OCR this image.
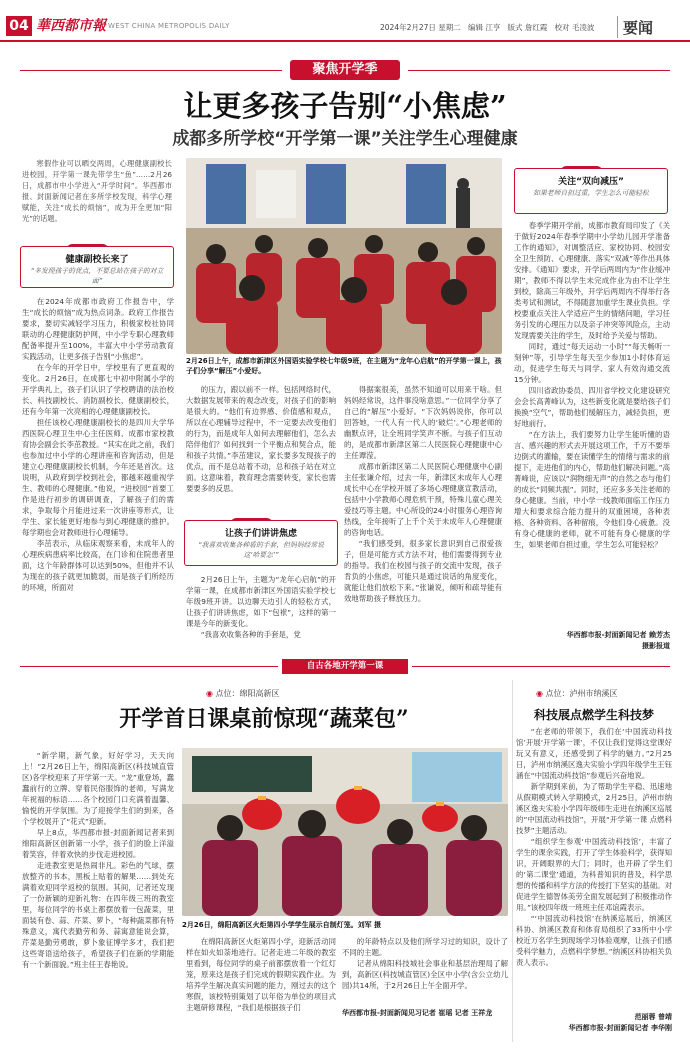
04 華西都市報 WEST CHINA METROPOLIS DAILY	2024年2月27日 星期二 编辑 江亨 版式 詹红霞 校对 毛凌波 要闻
聚焦开学季
让更多孩子告别“小焦虑”
成都多所学校“开学第一课”关注学生心理健康

寒假作业可以晒交两周，心理健康副校长进校园，开学第一课先带学生“鱼”……2月26日，成都市中小学进入“开学时间”。华西都市报、封面新闻记者在多所学校发现，科学心理赋能，关注“成长的烦恼”，成为开全更加“阳光”的话题。

健康副校长来了
“多发现孩子的优点，不要总站在孩子的对立面”

在2024年成都市政府工作报告中，学生“成长的烦恼”成为热点词条。政府工作报告要求，要切实减轻学习压力，积极家校社协同联动的心理健康防护网，中小学专职心理教师配备率提升至100%，丰富大中小学劳动教育实践活动，让更多孩子告别“小焦虑”。

在今年的开学日中，学校里有了更直观的变化。2月26日，在成都七中初中附属小学的开学典礼上，孩子们认识了学校聘请的法治校长、科技副校长、消防副校长、健康副校长，还有今年第一次亮相的心理健康副校长。

担任该校心理健康副校长的是四川大学华西医院心理卫生中心主任医师、成都市家校教育协会副会长李茁教授。“其实在此之前，我们也参加过中小学的心理讲座和咨询活动，但是建立心理健康副校长机制，今年还是首次。这说明，从政府到学校到社会，都越来越重视学生、教师的心理健康。”他说，“进校园”首要工作是进行初步的调研调查，了解孩子们的需求，争取每个月能进过来一次讲座等形式，让学生、家长能更好地参与到心理健康的推护。每学期也会对教师进行心理辅导。

李茁表示，从临床观察来看，未成年人的心理疾病患病率比较高，在门诊和住院患者里面，这个年龄群体可以达到50%，但他并不认为现在的孩子就更加脆弱，而是孩子们所经历的环境，所面对

2月26日上午，成都市新津区外国语实验学校七年级9班，在主题为“龙年心启航”的开学第一课上，孩子们分享“解压”小爱好。

的压力，跟以前不一样。包括网络时代，大数据发展带来的观念改变，对孩子们的影响是很大的。“他们有边界感、价值感和观点，所以在心理辅导过程中，不一定要去改变他们的行为，而是成年人如何去理解他们，怎么去陪伴他们？如何找到一个平衡点和契合点，能和孩子共情。”李茁建议，家长要多发现孩子的优点，而不是总站着不动，总和孩子站在对立面。这意味着，教育理念需要转变，家长也需要要多的反思。

让孩子们讲讲焦虑
“我喜欢收集各种盾的手套，但妈妈经常说这‘哈要怎’”

2月26日上午，主题为“龙年心启航”的开学第一课，在成都市新津区外国语实验学校七年级9班开讲。以边聊天边引人的轻松方式，让孩子们讲讲焦虑，如下“包袱”，这样的第一课是今年的新变化。

“我喜欢收集各种的手套是，党

得据案很美，虽然不知道可以用来干啥。但妈妈经常说，这件事没啥意思。”一位同学分享了自己的“解压”小爱好。“下次妈妈说你，你可以回答她，一代人有一代人的‘破烂’。”心理老师的幽默点评，让全班同学笑声不断。与孩子们互动的，是成都市新津区第二人民医院心理健康中心主任谭滢。

成都市新津区第二人民医院心理健康中心副主任张谦介绍，过去一年，新津区未成年人心理成长中心在学校开展了多场心理健康宣教活动，包括中小学教师心理危机干预，特殊儿童心理关爱技巧等主题。中心所设的24小时服务心理咨询热线，全年接听了上千个关于未成年人心理健康的咨询电话。

“我们感受到，很多家长意识到自己很爱孩子，但是可能方式方法不对，他们需要得到专业的指导。我们在校园与孩子的交流中发现，孩子肯负的小焦虑，可能只是通过说话的角度变化，就能让他们放松下来。”张谦说，倾听和疏导能有效地帮助孩子释放压力。

关注“双向减压”
如果老师自担过重，学生怎么可能轻松

春季学期开学前，成都市教育局印发了《关于做好2024年春季学期中小学幼儿园开学准备工作的通知》，对调整活应、家校协同、校园安全卫生预防、心理健康、落实“双减”等作出具体安排。《通知》要求，开学后两周内为“作业缓冲期”，教师不得以学生未完成作业为由不让学生到校，除高三年级外，开学后两周内不得举行各类考试和测试，不得随意加重学生课业负担。学校要重点关注入学适应产生的情绪问题，学习任务引发的心理压力以及亲子冲突等风险点，主动发现需要关注的学生，及时给予关爱与帮助。

同时，通过“每天运动一小时”“每天畅听一刻钟”等，引导学生每天至少参加1小时体育运动，促进学生每天与同学、家人有效沟通交流15分钟。

四川省政协委员、四川省学校文化建设研究会会长高菁峰认为，这些新变化就是要给孩子们换换“空气”，帮助他们缓解压力，减轻负担，更好地前行。

“在方法上，我们要努力让学生能听懂的语言、感兴趣的形式去开展这项工作，千万不要举边倒式的灌输，要在读懂学生的情绪与需求的前提下，走进他们的内心，帮助他们解决问题。”高菁峰说，应该以“润物细无声”的自然之态与他们的成长“同频共振”。同时，还应多多关注老师的身心健康。当前，中小学一线教师面临工作压力增大和要求综合能力提升的双重困境，各种表格、各种资料、各种留痕，令他们身心疲惫。没有身心健康的老师，就不可能有身心健康的学生，如果老师自担过重，学生怎么可能轻松？

华西都市报-封面新闻记者 赖芳杰
摄影报道
自古各地开学第一课
◉ 点位：绵阳高新区
开学首日课桌前惊现“蔬菜包”

“新学期，新气象，好好学习，天天向上！”2月26日上午，绵阳高新区(科技城直管区)各学校迎来了开学第一天。“龙”重登场，蠢蠢前行的立牌、穿着民俗服饰的老师，写满龙年祝福的标语……各个校园门口充满着温馨、愉悦的开学氛围。为了迎接学生们的到来，各个学校展开了“花式”迎新。

早上8点，华西都市报-封面新闻记者来到绵阳高新区创新第一小学，孩子们的脸上洋溢着笑容，伴着欢快的步伐走进校园。

走进教室更是热闹非凡。彩色的气球，摆放整齐的书本，黑板上贴着的解果……到处充满着欢迎同学返校的氛围。其间，记者还发现了一份新颖的迎新礼物：在四年级三班的教室里，每位同学的书桌上都摆放着一包蔬菜，里面装有卷、蒜、芹菜、萝卜，“每种蔬菜都有特殊意义，寓代表勤劳和务、蒜寓意能说会算，芹菜是勤劳勇敢，萝卜象征博学多才，我们把这些寄语送给孩子，希望孩子们在新的学期能有一个新面貌。”班主任王春艳说。

2月26日，绵阳高新区火炬第四小学学生展示自制灯笼。刘军 摄

在绵阳高新区火炬第四小学，迎新活动同样在如火如荼地进行。记者走进二年级的教室里看到，每位同学的桌子前都摆放着一个红灯笼，原来这是孩子们完成的假期实践作业。为培养学生解决真实问题的能力，刚过去的这个寒假，该校特别策划了以年俗为单位的项目式主题研修课程，“我们是根据孩子们

的年龄特点以及他们所学习过的知识，设计了不同的主题。

记者从绵阳科技城社会事业和基层治理局了解到，高新区(科技城直管区)全区中小学(含公立幼儿园)共14所，于2月26日上午全面开学。

华西都市报-封面新闻见习记者 崔瑶 记者 王祥龙
◉ 点位：泸州市纳溪区
科技展点燃学生科技梦

“在老师的带领下，我们在‘中国流动科技馆’开展‘开学第一课’，不仅让我们觉得这堂课好玩又有意义，还感受到了科学的魅力。”2月25日，泸州市纳溪区逸夫实验小学四年级学生王钰涵在“中国流动科技馆”参观后兴奋地说。

新学期到来前，为了帮助学生平稳、迅速地从假期模式转入学期模式，2月25日，泸州市纳溪区逸夫实验小学四年级师生走进在纳溪区巡展的“中国流动科技馆”，开展“开学第一课 点燃科技梦”主题活动。

“组织学生参观‘中国流动科技馆’，丰富了学生的课余实践，打开了学生体验科学，获得知识，开阔眼界的大门；同时，也开辟了学生们的‘第二课堂’通道，为科普知识的普及，科学思想的传播和科学方法的传授打下坚实的基础。对促进学生德智体美劳全面发展起到了积极推动作用。”该校四年级一班班主任邓谊霞表示。

“‘中国流动科技馆’在纳溪巡展后，纳溪区科协、纳溪区教育和体育局组织了33所中小学校近万名学生到现场学习体验观摩，让孩子们感受科学魅力，点燃科学梦想。”纳溪区科协相关负责人表示。

范丽蓉 曾靖
华西都市报-封面新闻记者 李华刚
